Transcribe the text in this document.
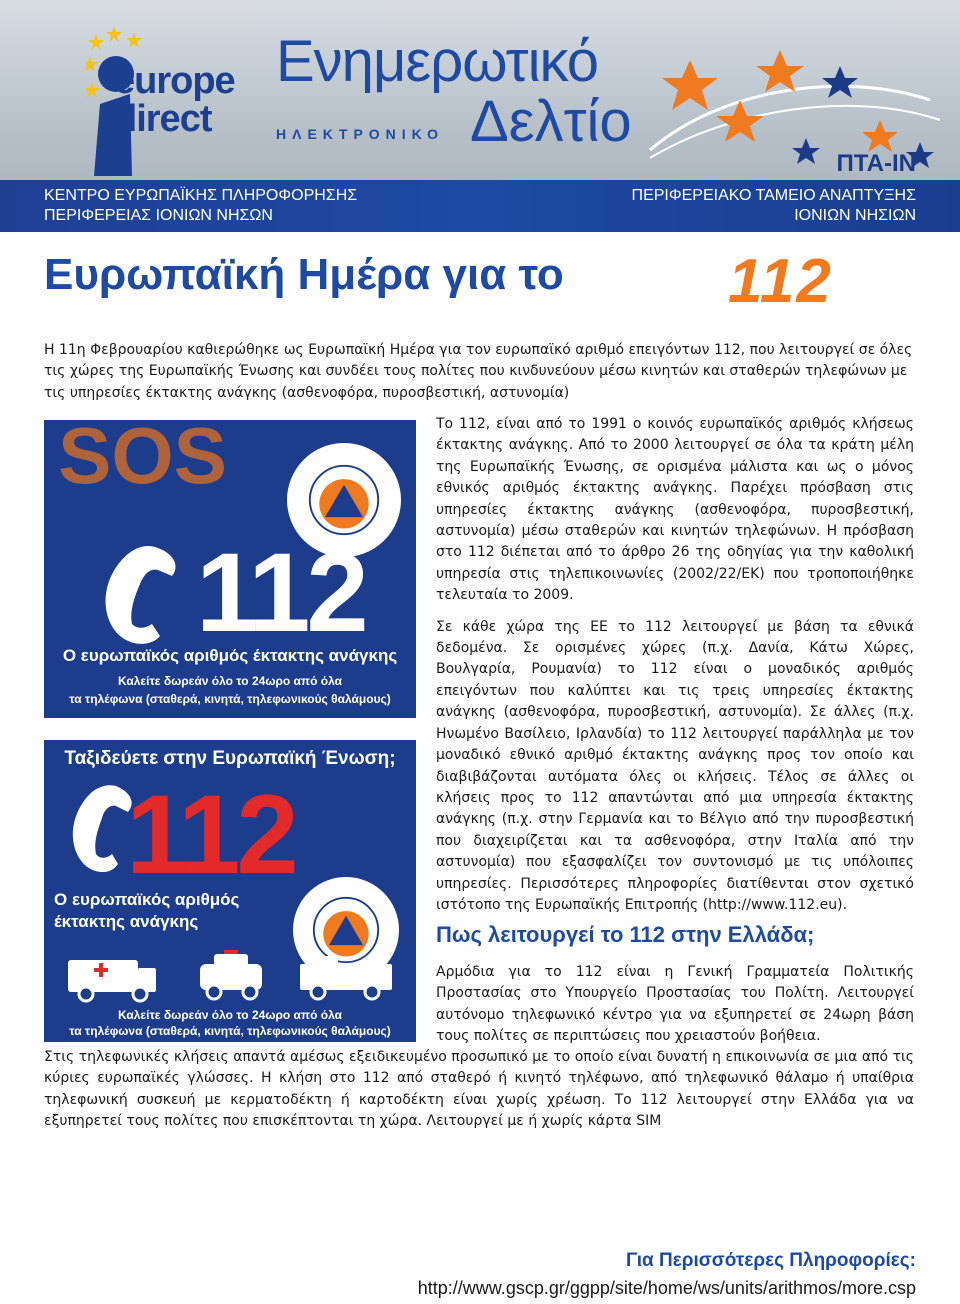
europe
direct
Ενημερωτικό
ΗΛΕΚΤΡΟΝΙΚΟ Δελτίο
ΠΤΑ-ΙΝ
ΚΕΝΤΡΟ ΕΥΡΩΠΑΪΚΗΣ ΠΛΗΡΟΦΟΡΗΣΗΣ
ΠΕΡΙΦΕΡΕΙΑΣ ΙΟΝΙΩΝ ΝΗΣΩΝ
ΠΕΡΙΦΕΡΕΙΑΚΟ ΤΑΜΕΙΟ ΑΝΑΠΤΥΞΗΣ
ΙΟΝΙΩΝ ΝΗΣΙΩΝ
Ευρωπαϊκή Ημέρα για το	112
Η 11η Φεβρουαρίου καθιερώθηκε ως Ευρωπαϊκή Ημέρα για τον ευρωπαϊκό αριθμό επειγόντων 112, που λειτουργεί σε όλες τις χώρες της Ευρωπαϊκής Ένωσης και συνδέει τους πολίτες που κινδυνεύουν μέσω κινητών και σταθερών τηλεφώνων με τις υπηρεσίες έκτακτης ανάγκης (ασθενοφόρα, πυροσβεστική, αστυνομία)
SOS
112
Ο ευρωπαϊκός αριθμός έκτακτης ανάγκης
Καλείτε δωρεάν όλο το 24ωρο από όλα
τα τηλέφωνα (σταθερά, κινητά, τηλεφωνικούς θαλάμους)
Ταξιδεύετε στην Ευρωπαϊκή Ένωση;
112
Ο ευρωπαϊκός αριθμός
έκτακτης ανάγκης
Καλείτε δωρεάν όλο το 24ωρο από όλα
τα τηλέφωνα (σταθερά, κινητά, τηλεφωνικούς θαλάμους)

Το 112, είναι από το 1991 ο κοινός ευρωπαϊκός αριθμός κλήσεως έκτακτης ανάγκης. Από το 2000 λειτουργεί σε όλα τα κράτη μέλη της Ευρωπαϊκής Ένωσης, σε ορισμένα μάλιστα και ως ο μόνος εθνικός αριθμός έκτακτης ανάγκης. Παρέχει πρόσβαση στις υπηρεσίες έκτακτης ανάγκης (ασθενοφόρα, πυροσβεστική, αστυνομία) μέσω σταθερών και κινητών τηλεφώνων. Η πρόσβαση στο 112 διέπεται από το άρθρο 26 της οδηγίας για την καθολική υπηρεσία στις τηλεπικοινωνίες (2002/22/ΕΚ) που τροποποιήθηκε τελευταία το 2009.

Σε κάθε χώρα της ΕΕ το 112 λειτουργεί με βάση τα εθνικά δεδομένα. Σε ορισμένες χώρες (π.χ. Δανία, Κάτω Χώρες, Βουλγαρία, Ρουμανία) το 112 είναι ο μοναδικός αριθμός επειγόντων που καλύπτει και τις τρεις υπηρεσίες έκτακτης ανάγκης (ασθενοφόρα, πυροσβεστική, αστυνομία). Σε άλλες (π.χ. Ηνωμένο Βασίλειο, Ιρλανδία) το 112 λειτουργεί παράλληλα με τον μοναδικό εθνικό αριθμό έκτακτης ανάγκης προς τον οποίο και διαβιβάζονται αυτόματα όλες οι κλήσεις. Τέλος σε άλλες οι κλήσεις προς το 112 απαντώνται από μια υπηρεσία έκτακτης ανάγκης (π.χ. στην Γερμανία και το Βέλγιο από την πυροσβεστική που διαχειρίζεται και τα ασθενοφόρα, στην Ιταλία από την αστυνομία) που εξασφαλίζει τον συντονισμό με τις υπόλοιπες υπηρεσίες. Περισσότερες πληροφορίες διατίθενται στον σχετικό ιστότοπο της Ευρωπαϊκής Επιτροπής (http://www.112.eu).

Πως λειτουργεί το 112 στην Ελλάδα;
Αρμόδια για το 112 είναι η Γενική Γραμματεία Πολιτικής Προστασίας στο Υπουργείο Προστασίας του Πολίτη. Λειτουργεί αυτόνομο τηλεφωνικό κέντρο για να εξυπηρετεί σε 24ωρη βάση τους πολίτες σε περιπτώσεις που χρειαστούν βοήθεια.
Στις τηλεφωνικές κλήσεις απαντά αμέσως εξειδικευμένο προσωπικό με το οποίο είναι δυνατή η επικοινωνία σε μια από τις κύριες ευρωπαϊκές γλώσσες. Η κλήση στο 112 από σταθερό ή κινητό τηλέφωνο, από τηλεφωνικό θάλαμο ή υπαίθρια τηλεφωνική συσκευή με κερματοδέκτη ή καρτοδέκτη είναι χωρίς χρέωση. Το 112 λειτουργεί στην Ελλάδα για να εξυπηρετεί τους πολίτες που επισκέπτονται τη χώρα. Λειτουργεί με ή χωρίς κάρτα SIM
Για Περισσότερες Πληροφορίες:
http://www.gscp.gr/ggpp/site/home/ws/units/arithmos/more.csp
